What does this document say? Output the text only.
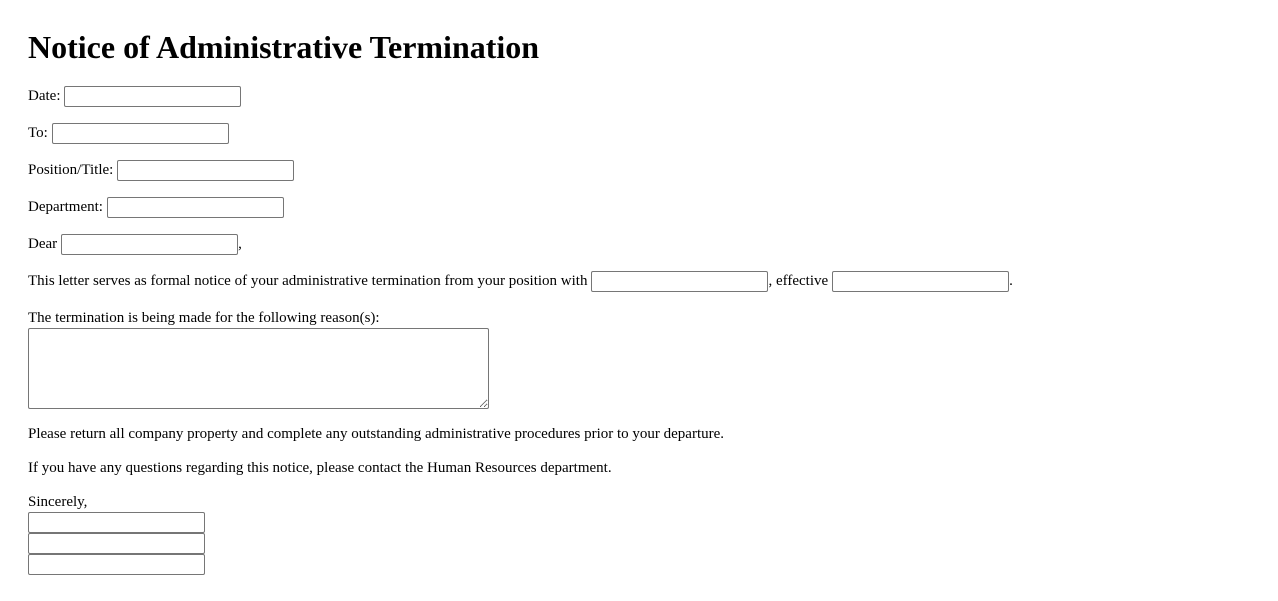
Notice of Administrative Termination
Date:
To:
Position/Title:
Department:
Dear	,
This letter serves as formal notice of your administrative termination from your position with	, effective	.
The termination is being made for the following reason(s):

Please return all company property and complete any outstanding administrative procedures prior to your departure.

If you have any questions regarding this notice, please contact the Human Resources department.

Sincerely,
